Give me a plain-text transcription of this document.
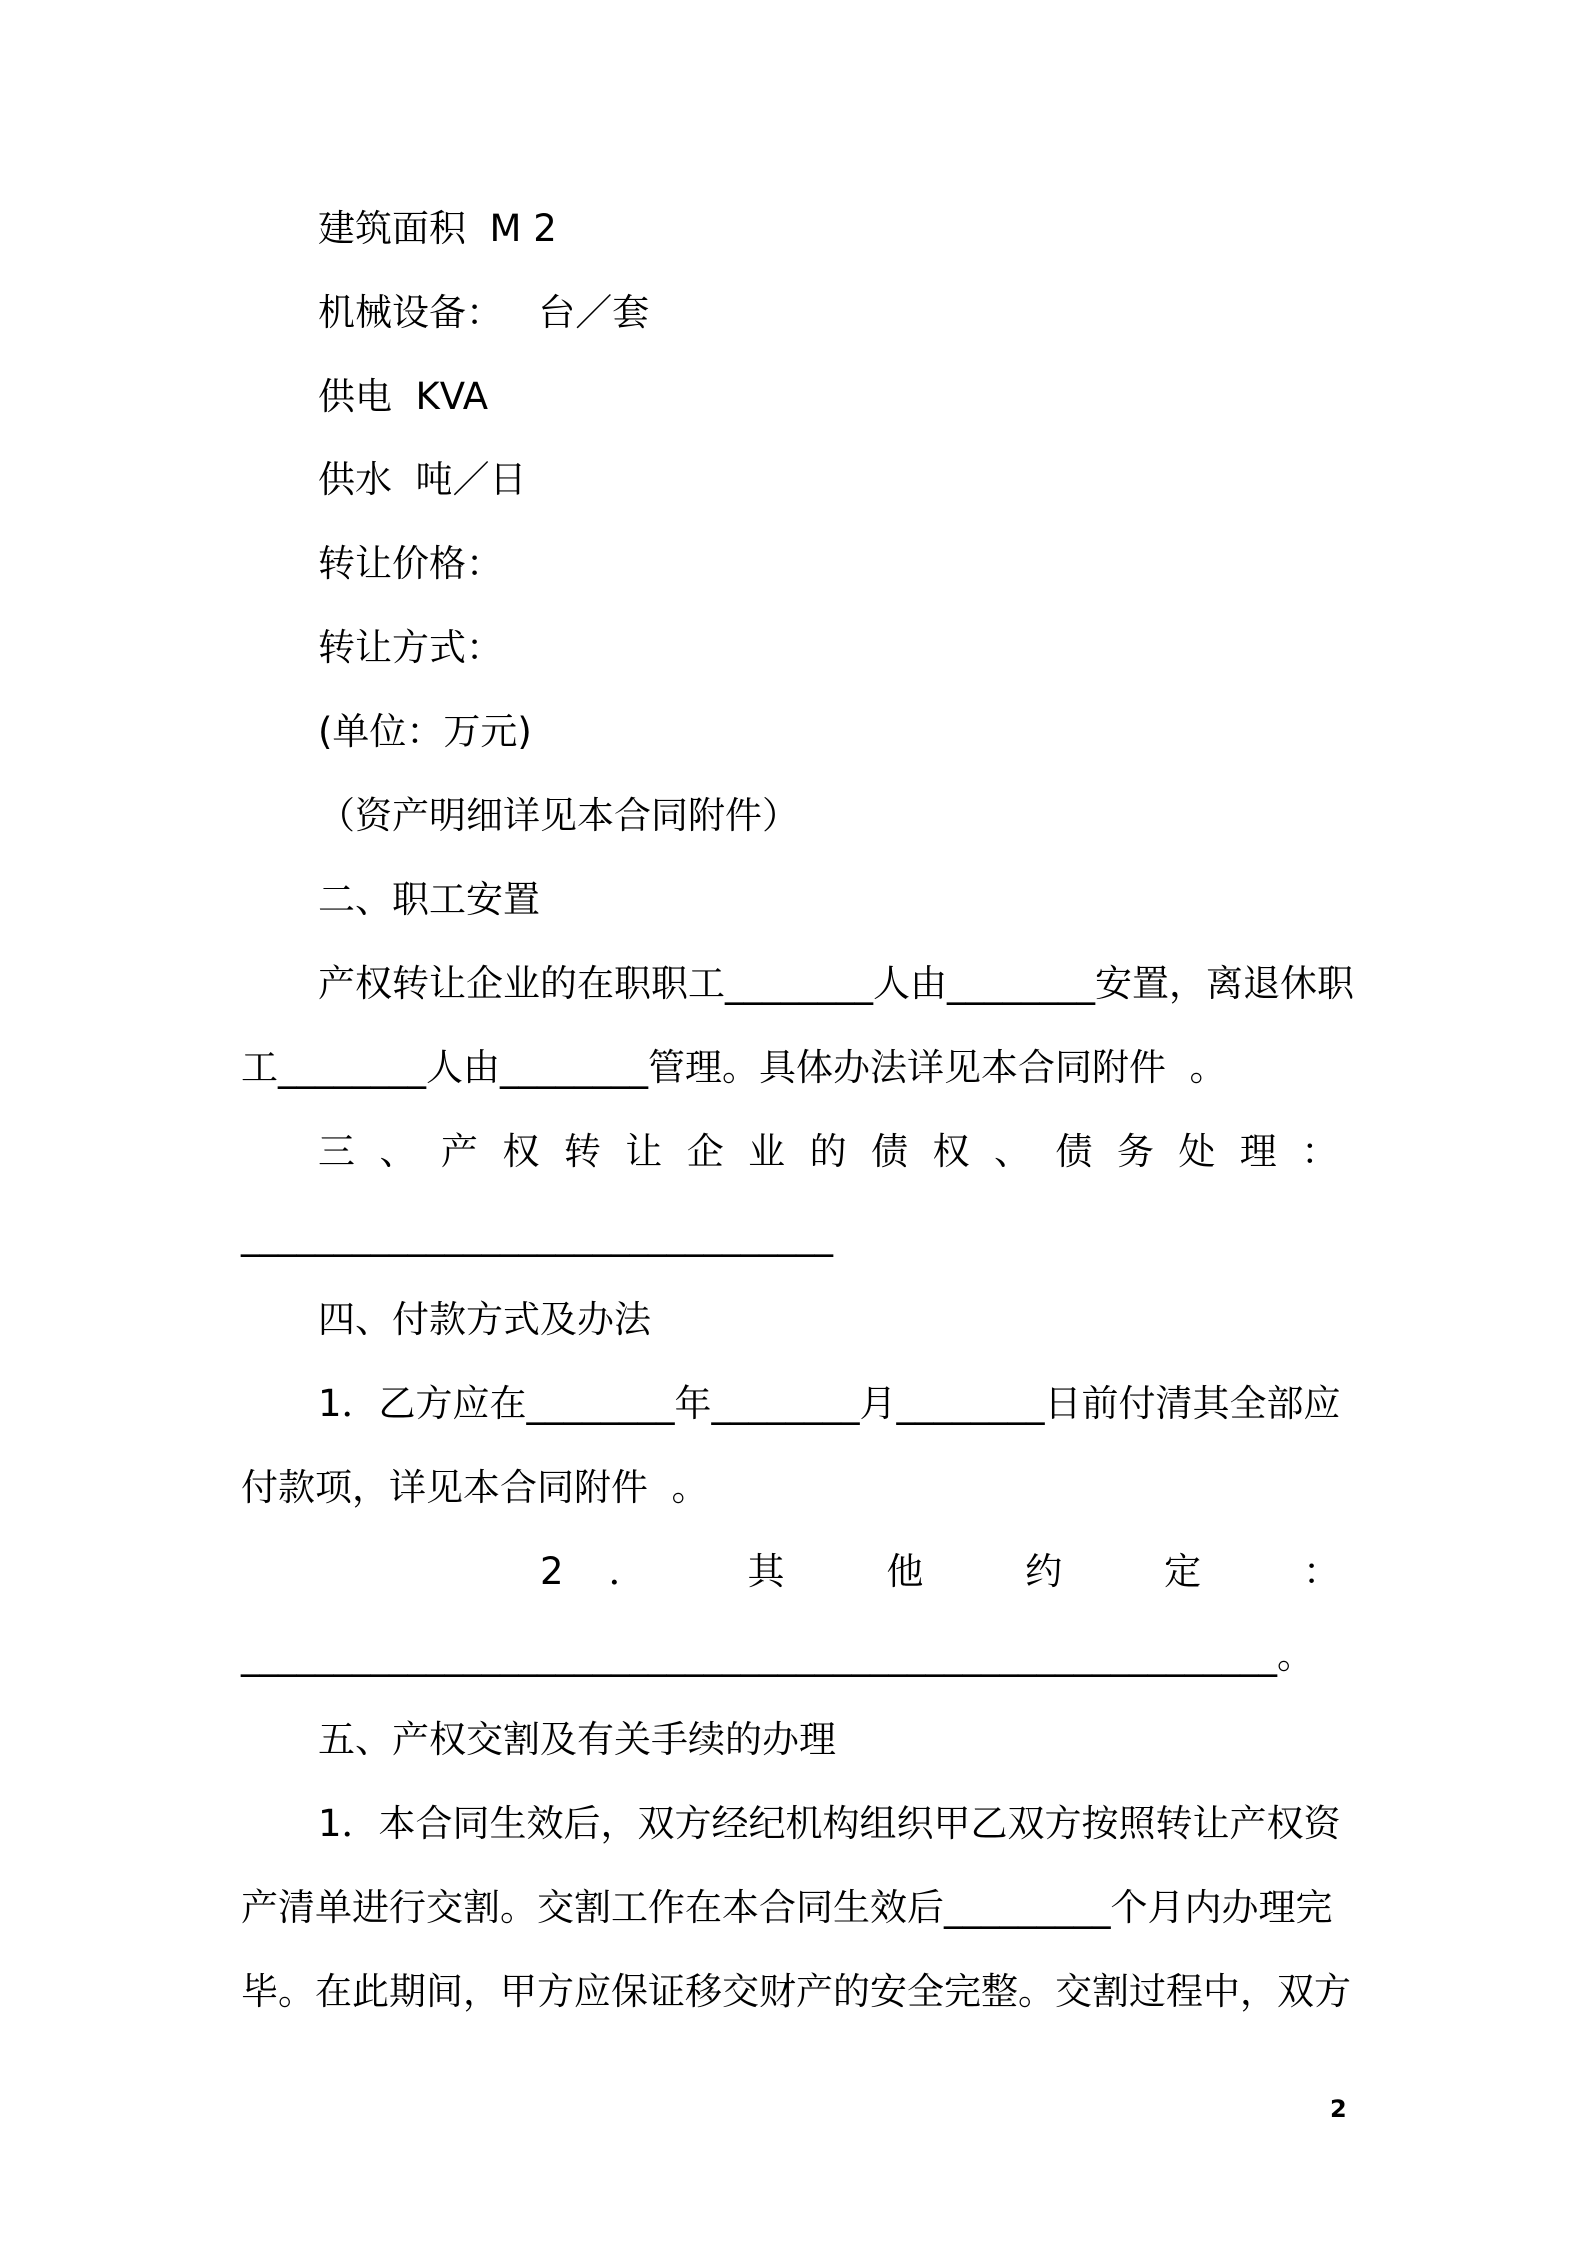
建筑面积  M 2
机械设备：   台／套
供电  KVA
供水  吨／日
转让价格：
转让方式：
(单位：万元)
（资产明细详见本合同附件）
二、职工安置
产权转让企业的在职职工________人由________安置，离退休职
工________人由________管理。具体办法详见本合同附件  。
三 、 产 权 转 让 企 业 的 债 权 、 债 务 处 理 ：
________________________________
四、付款方式及办法
1．乙方应在________年________月________日前付清其全部应
付款项，详见本合同附件  。
2． 其 他 约 定 ：
________________________________________________________。
五、产权交割及有关手续的办理
1．本合同生效后，双方经纪机构组织甲乙双方按照转让产权资
产清单进行交割。交割工作在本合同生效后_________个月内办理完
毕。在此期间，甲方应保证移交财产的安全完整。交割过程中，双方
2
